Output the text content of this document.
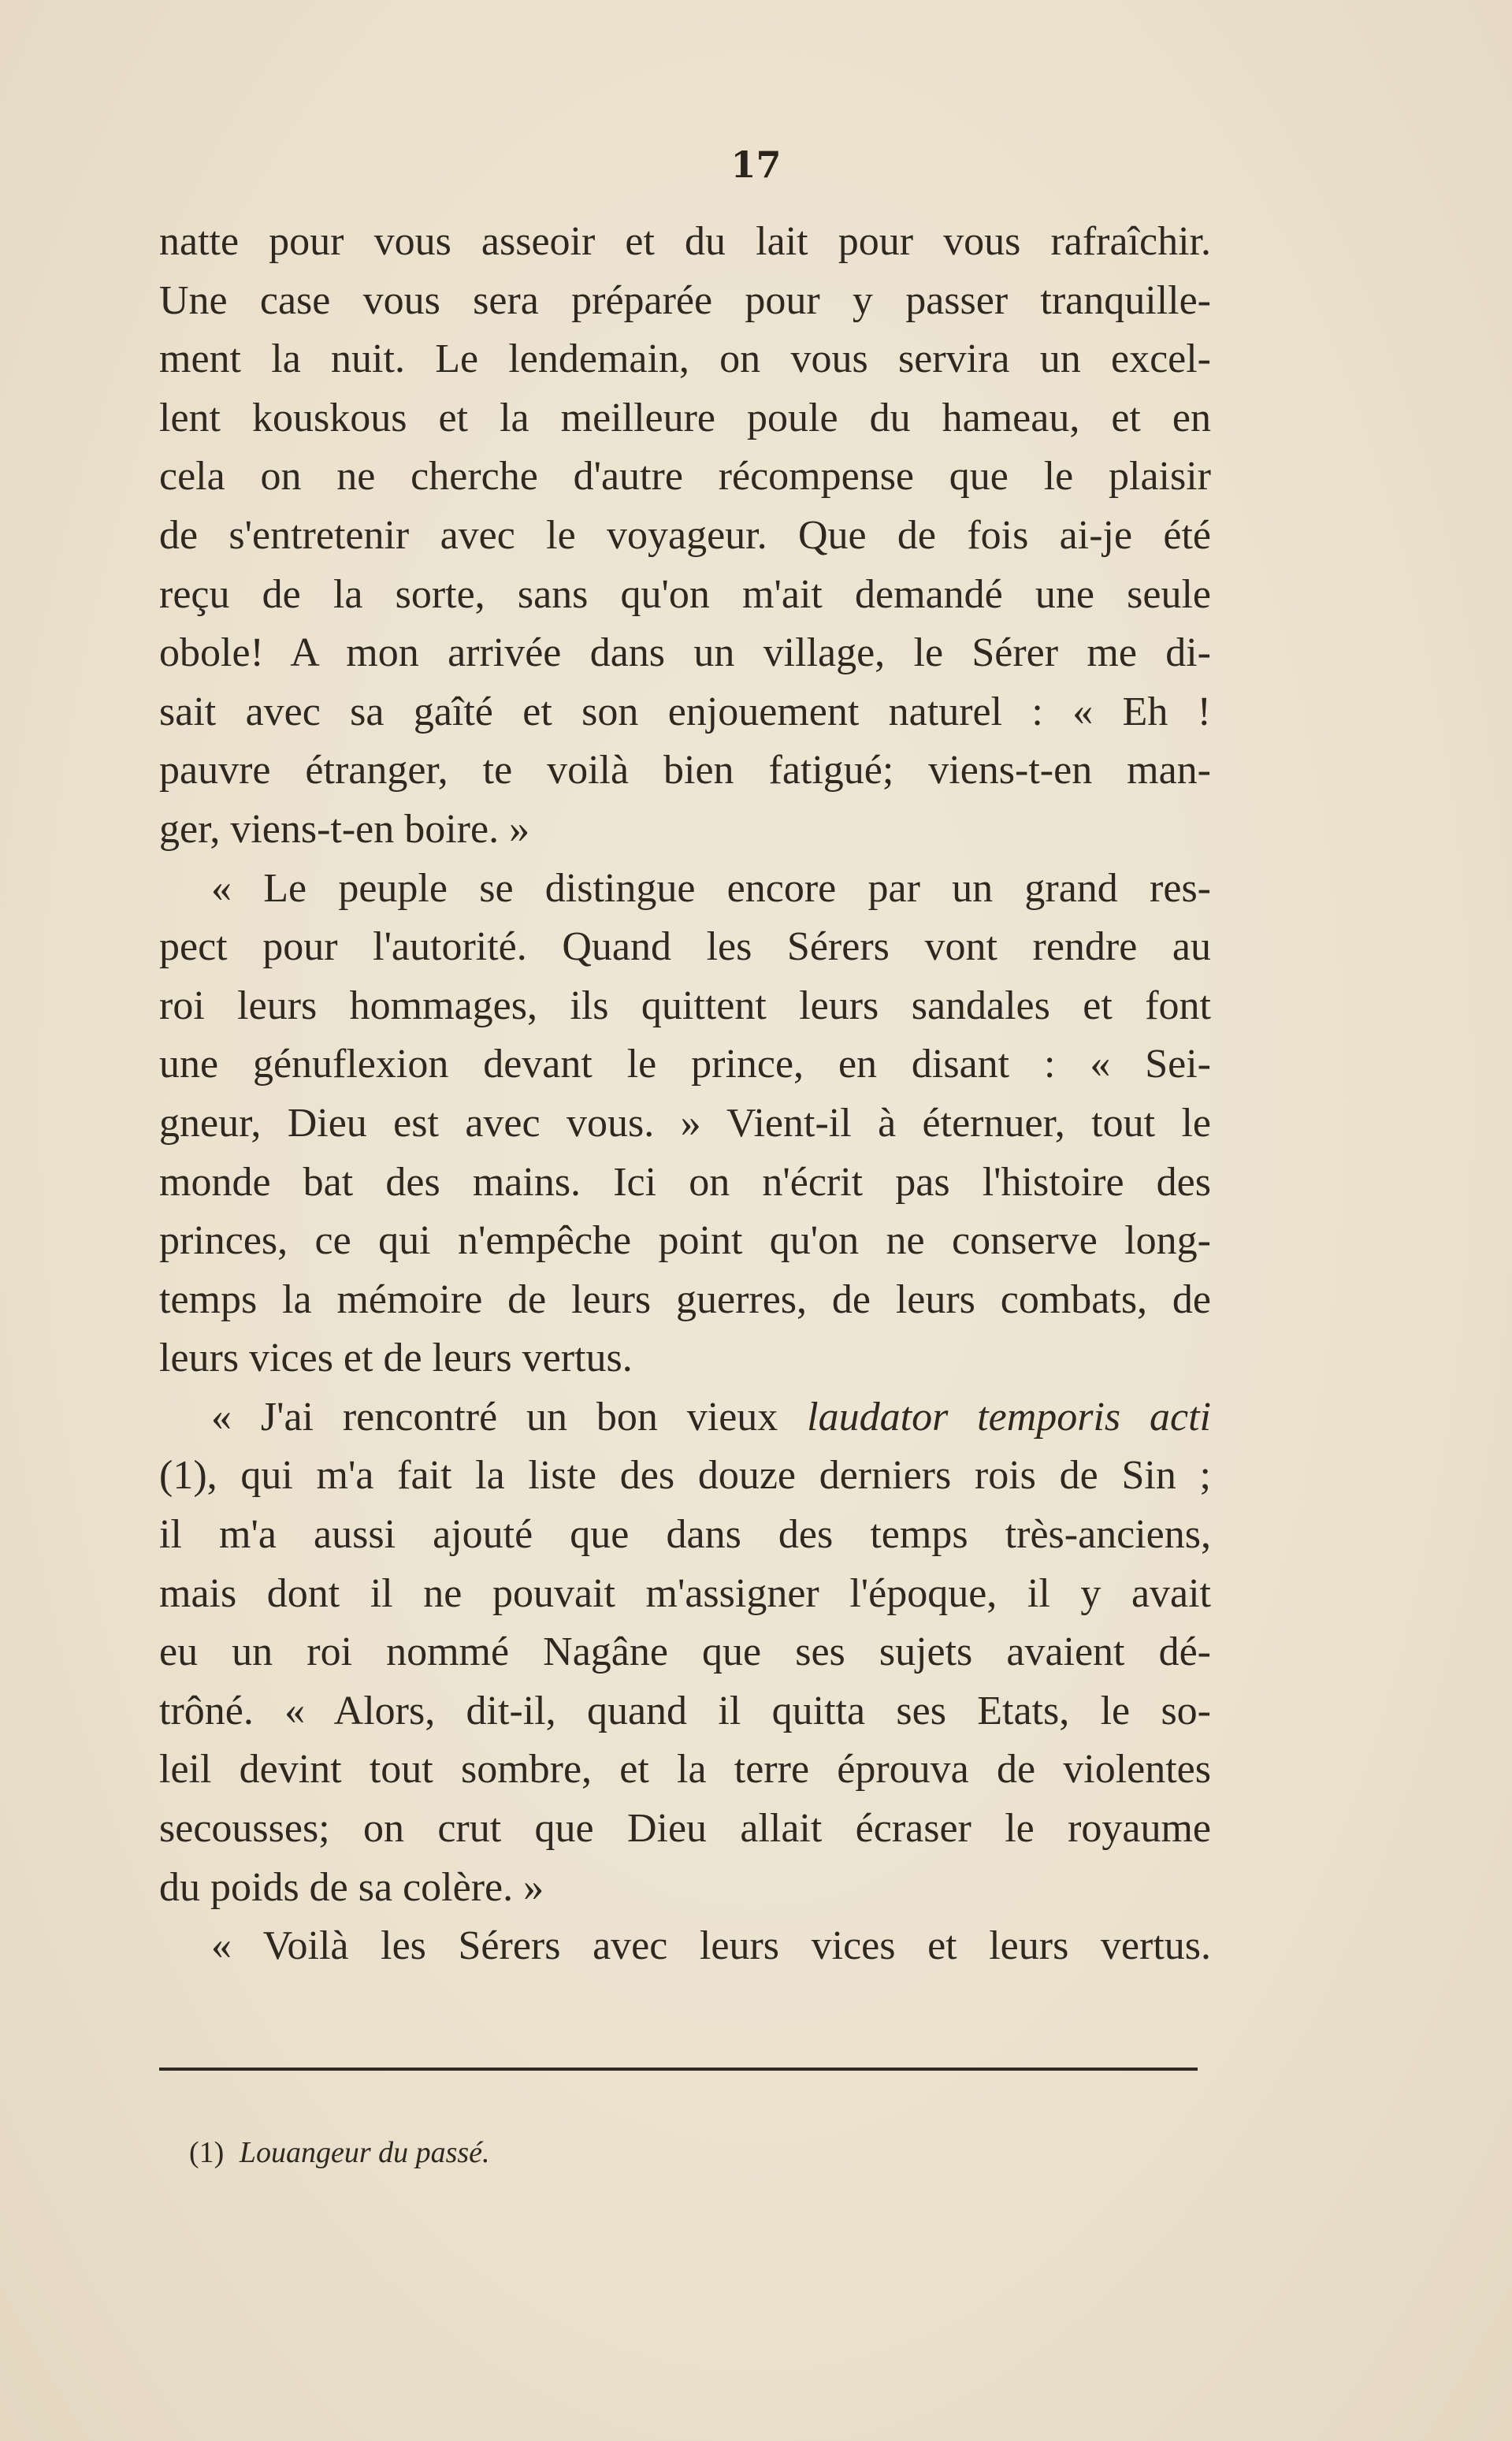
17
natte pour vous asseoir et du lait pour vous rafraîchir.
Une case vous sera préparée pour y passer tranquille-
ment la nuit. Le lendemain, on vous servira un excel-
lent kouskous et la meilleure poule du hameau, et en
cela on ne cherche d'autre récompense que le plaisir
de s'entretenir avec le voyageur. Que de fois ai-je été
reçu de la sorte, sans qu'on m'ait demandé une seule
obole! A mon arrivée dans un village, le Sérer me di-
sait avec sa gaîté et son enjouement naturel : « Eh !
pauvre étranger, te voilà bien fatigué; viens-t-en man-
ger, viens-t-en boire. »
« Le peuple se distingue encore par un grand res-
pect pour l'autorité. Quand les Sérers vont rendre au
roi leurs hommages, ils quittent leurs sandales et font
une génuflexion devant le prince, en disant : « Sei-
gneur, Dieu est avec vous. » Vient-il à éternuer, tout le
monde bat des mains. Ici on n'écrit pas l'histoire des
princes, ce qui n'empêche point qu'on ne conserve long-
temps la mémoire de leurs guerres, de leurs combats, de
leurs vices et de leurs vertus.
« J'ai rencontré un bon vieux laudator temporis acti
(1), qui m'a fait la liste des douze derniers rois de Sin ;
il m'a aussi ajouté que dans des temps très-anciens,
mais dont il ne pouvait m'assigner l'époque, il y avait
eu un roi nommé Nagâne que ses sujets avaient dé-
trôné. « Alors, dit-il, quand il quitta ses Etats, le so-
leil devint tout sombre, et la terre éprouva de violentes
secousses; on crut que Dieu allait écraser le royaume
du poids de sa colère. »
« Voilà les Sérers avec leurs vices et leurs vertus.
(1) Louangeur du passé.
